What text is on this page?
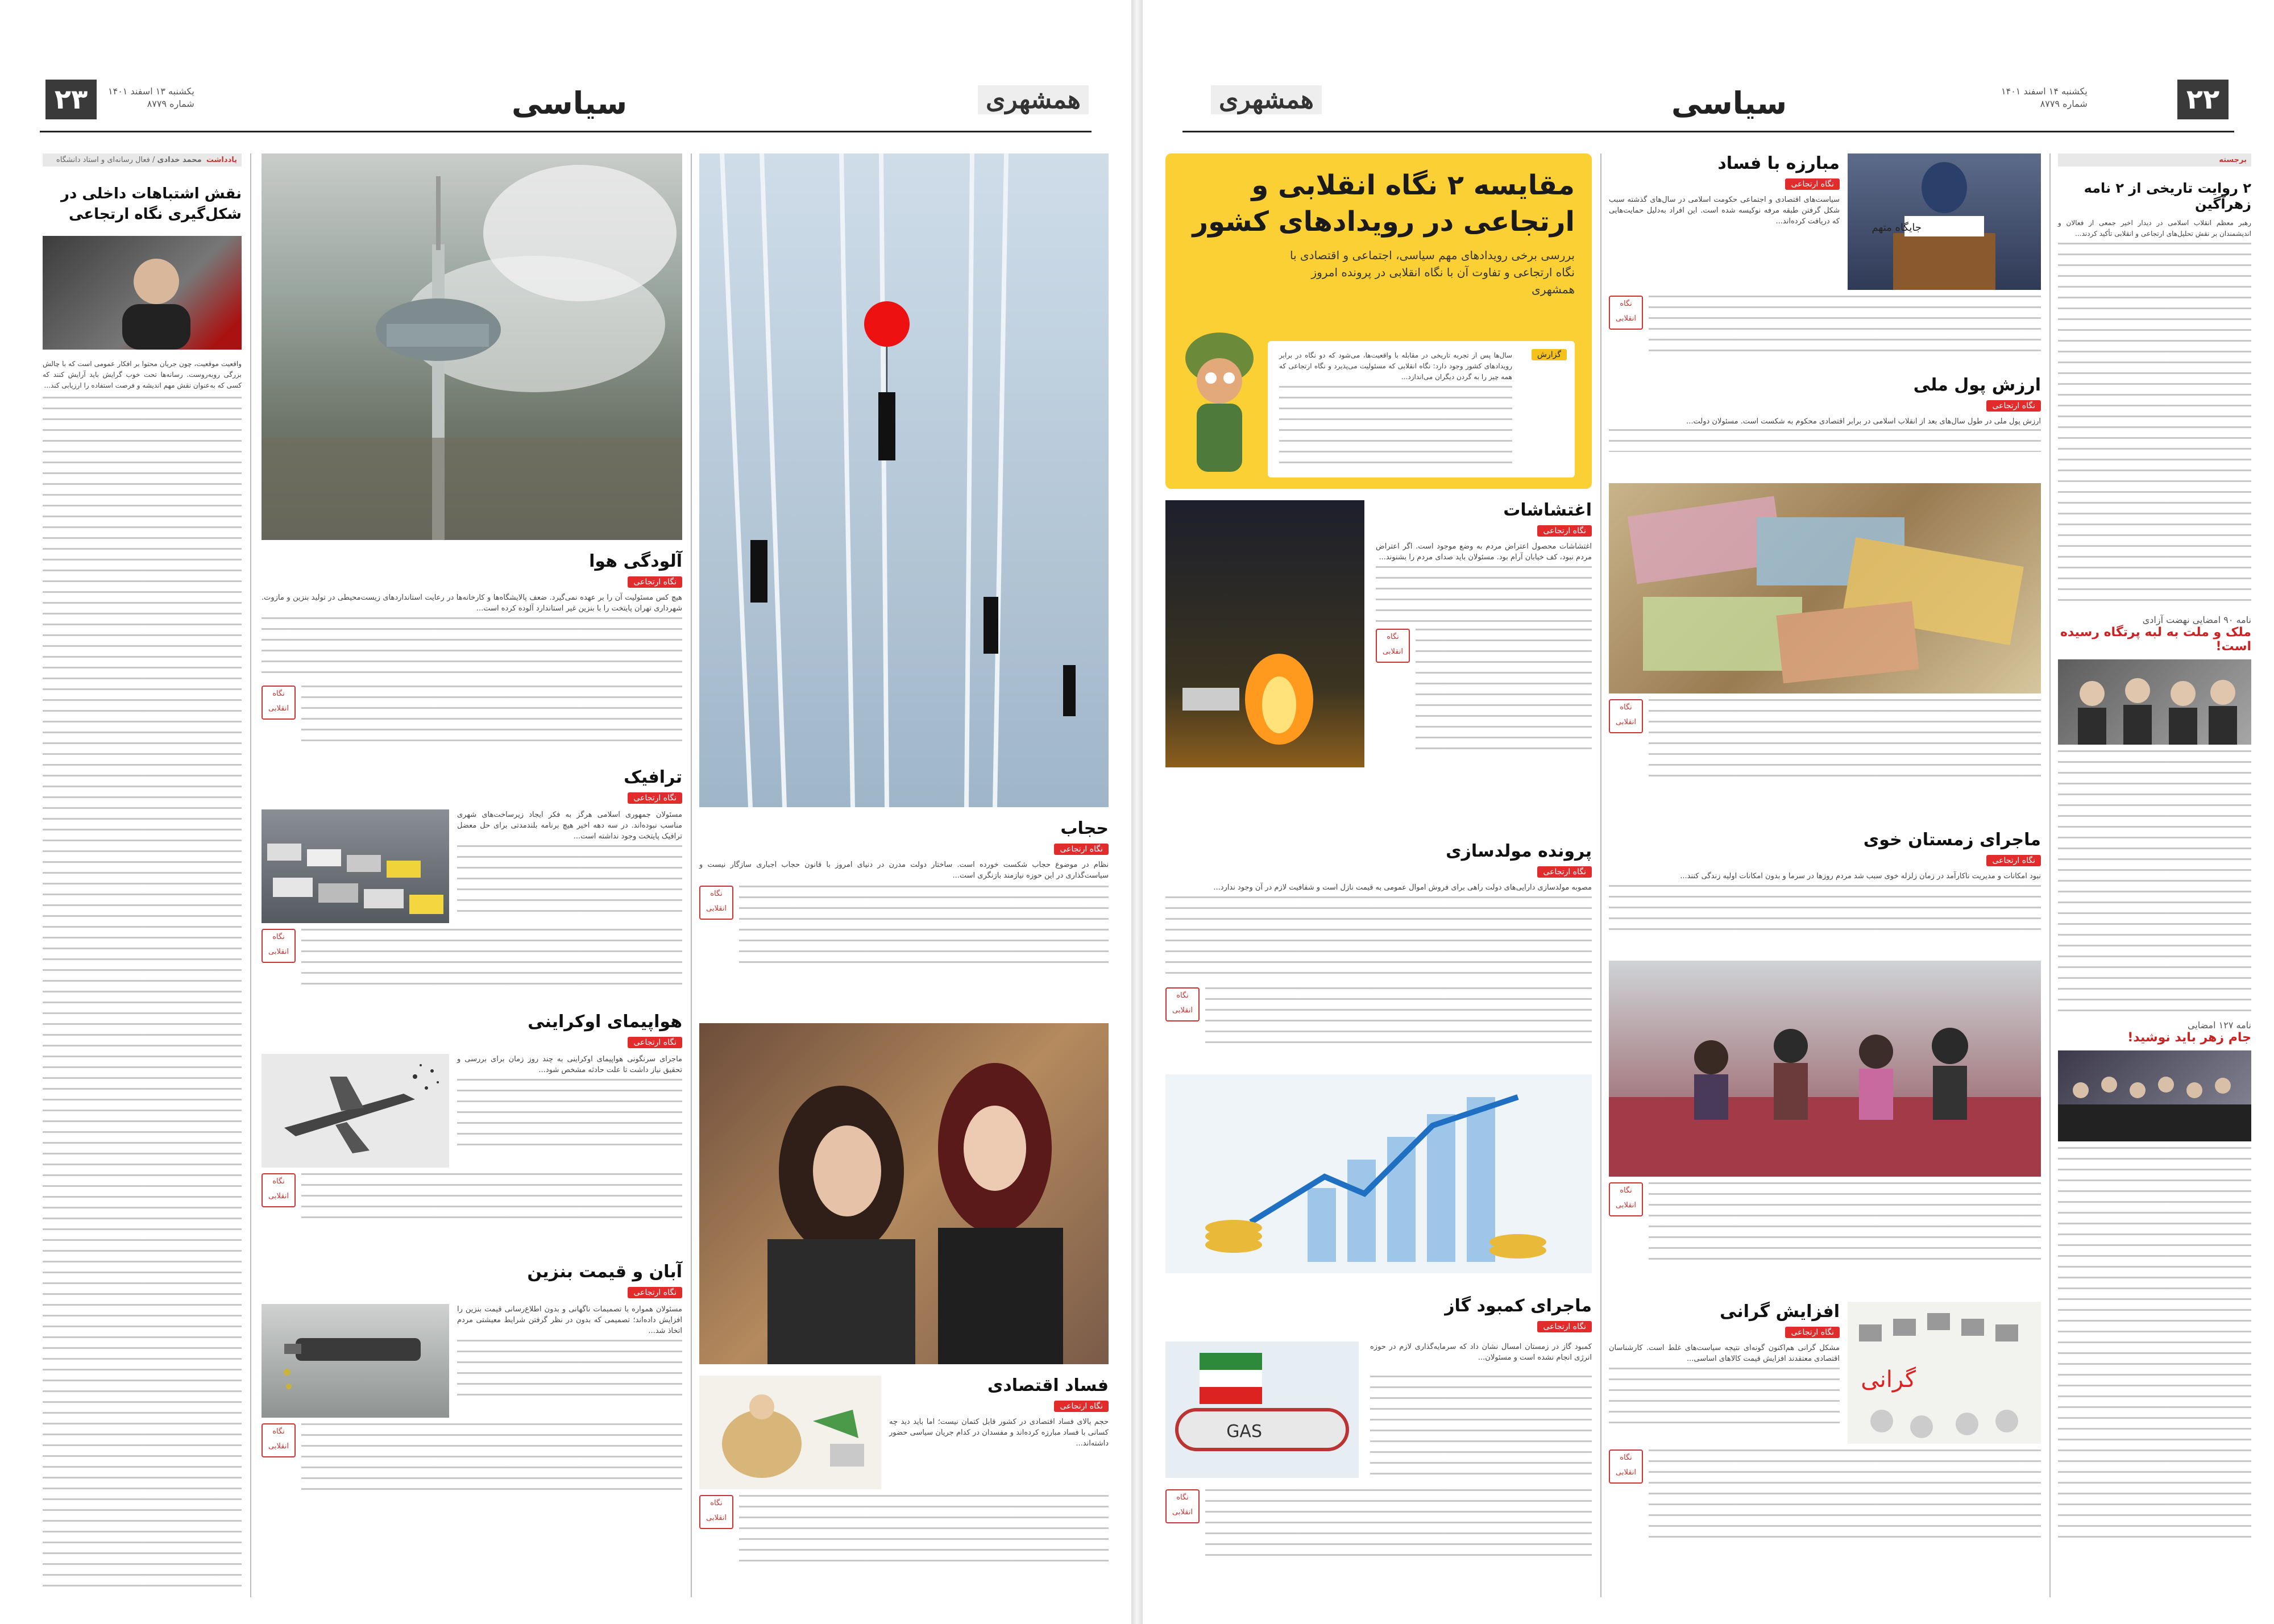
۲۳	یکشنبه ۱۳ اسفند ۱۴۰۱
شماره ۸۷۷۹	سیاسی	همشهری
یادداشت  محمد خدادی / فعال رسانه‌ای و استاد دانشگاه
نقش اشتباهات داخلی در شکل‌گیری نگاه ارتجاعی
واقعیت موقعیت، چون جریان محتوا بر افکار عمومی است که با چالش بزرگی روبه‌روست. رسانه‌ها تحت خوب گرایش باید آرایش کنند که کسی که به‌عنوان نقش مهم اندیشه و فرصت استفاده را ارزیابی کند...
آلودگی هوا
نگاه ارتجاعی
هیچ کس مسئولیت آن را بر عهده نمی‌گیرد. ضعف پالایشگاه‌ها و کارخانه‌ها در رعایت استانداردهای زیست‌محیطی در تولید بنزین و مازوت. شهرداری تهران پایتخت را با بنزین غیر استاندارد آلوده کرده است...
نگاه انقلابی
ترافیک
نگاه ارتجاعی
مسئولان جمهوری اسلامی هرگز به فکر ایجاد زیرساخت‌های شهری مناسب نبوده‌اند. در سه دهه اخیر هیچ برنامه بلندمدتی برای حل معضل ترافیک پایتخت وجود نداشته است...
نگاه انقلابی
هواپیمای اوکراینی
نگاه ارتجاعی
ماجرای سرنگونی هواپیمای اوکراینی به چند روز زمان برای بررسی و تحقیق نیاز داشت تا علت حادثه مشخص شود...
نگاه انقلابی
آبان و قیمت بنزین
نگاه ارتجاعی
مسئولان همواره با تصمیمات ناگهانی و بدون اطلاع‌رسانی قیمت بنزین را افزایش داده‌اند؛ تصمیمی که بدون در نظر گرفتن شرایط معیشتی مردم اتخاذ شد...
نگاه انقلابی
حجاب
نگاه ارتجاعی
نظام در موضوع حجاب شکست خورده است. ساختار دولت مدرن در دنیای امروز با قانون حجاب اجباری سازگار نیست و سیاست‌گذاری در این حوزه نیازمند بازنگری است...
نگاه انقلابی
فساد اقتصادی
نگاه ارتجاعی
حجم بالای فساد اقتصادی در کشور قابل کتمان نیست؛ اما باید دید چه کسانی با فساد مبارزه کرده‌اند و مفسدان در کدام جریان سیاسی حضور داشته‌اند...
نگاه انقلابی
همشهری	سیاسی	یکشنبه ۱۴ اسفند ۱۴۰۱
شماره ۸۷۷۹	۲۲
مقایسه ۲ نگاه انقلابی و
ارتجاعی در رویدادهای کشور
بررسی برخی رویدادهای مهم سیاسی، اجتماعی و اقتصادی با نگاه ارتجاعی و تفاوت آن با نگاه انقلابی در پرونده امروز همشهری
گزارش
سال‌ها پس از تجربه تاریخی در مقابله با واقعیت‌ها، می‌شود که دو نگاه در برابر رویدادهای کشور وجود دارد: نگاه انقلابی که مسئولیت می‌پذیرد و نگاه ارتجاعی که همه چیز را به گردن دیگران می‌اندازد...
اغتشاشات
نگاه ارتجاعی
اغتشاشات محصول اعتراض مردم به وضع موجود است. اگر اعتراض مردم نبود، کف خیابان آرام بود. مسئولان باید صدای مردم را بشنوند...
نگاه انقلابی
پرونده مولدسازی
نگاه ارتجاعی
مصوبه مولدسازی دارایی‌های دولت راهی برای فروش اموال عمومی به قیمت نازل است و شفافیت لازم در آن وجود ندارد...
نگاه انقلابی
ماجرای کمبود گاز
نگاه ارتجاعی
GAS
کمبود گاز در زمستان امسال نشان داد که سرمایه‌گذاری لازم در حوزه انرژی انجام نشده است و مسئولان...
نگاه انقلابی
جایگاه متهم
مبارزه با فساد
نگاه ارتجاعی
سیاست‌های اقتصادی و اجتماعی حکومت اسلامی در سال‌های گذشته سبب شکل گرفتن طبقه مرفه نوکیسه شده است. این افراد به‌دلیل حمایت‌هایی که دریافت کرده‌اند...
نگاه انقلابی
ارزش پول ملی
نگاه ارتجاعی
ارزش پول ملی در طول سال‌های بعد از انقلاب اسلامی در برابر اقتصادی محکوم به شکست است. مسئولان دولت...
نگاه انقلابی
ماجرای زمستان خوی
نگاه ارتجاعی
نبود امکانات و مدیریت ناکارآمد در زمان زلزله خوی سبب شد مردم روزها در سرما و بدون امکانات اولیه زندگی کنند...
نگاه انقلابی
گرانی
افزایش گرانی
نگاه ارتجاعی
مشکل گرانی هم‌اکنون گونه‌ای نتیجه سیاست‌های غلط است. کارشناسان اقتصادی معتقدند افزایش قیمت کالاهای اساسی...
نگاه انقلابی
برجسته
۲ روایت تاریخی از ۲ نامه زهرآگین
رهبر معظم انقلاب اسلامی در دیدار اخیر جمعی از فعالان و اندیشمندان بر نقش تحلیل‌های ارتجاعی و انقلابی تأکید کردند...
نامه ۹۰ امضایی نهضت آزادی
ملک و ملت به لبه پرتگاه رسیده است!
نامه ۱۲۷ امضایی
جام زهر باید نوشید!
